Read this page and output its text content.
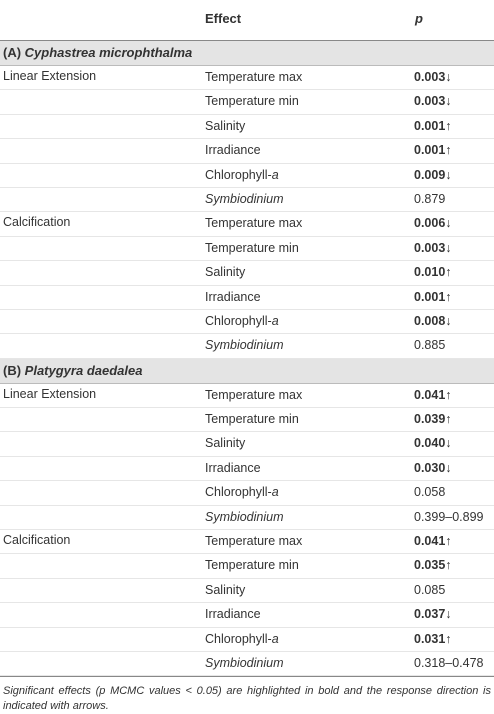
Effect	p
(A) Cyphastrea microphthalma
Linear Extension	Temperature max	0.003↓
Temperature min	0.003↓
Salinity	0.001↑
Irradiance	0.001↑
Chlorophyll-a	0.009↓
Symbiodinium	0.879
Calcification	Temperature max	0.006↓
Temperature min	0.003↓
Salinity	0.010↑
Irradiance	0.001↑
Chlorophyll-a	0.008↓
Symbiodinium	0.885
(B) Platygyra daedalea
Linear Extension	Temperature max	0.041↑
Temperature min	0.039↑
Salinity	0.040↓
Irradiance	0.030↓
Chlorophyll-a	0.058
Symbiodinium	0.399–0.899
Calcification	Temperature max	0.041↑
Temperature min	0.035↑
Salinity	0.085
Irradiance	0.037↓
Chlorophyll-a	0.031↑
Symbiodinium	0.318–0.478
Significant effects (p MCMC values < 0.05) are highlighted in bold and the response direction is indicated with arrows.
